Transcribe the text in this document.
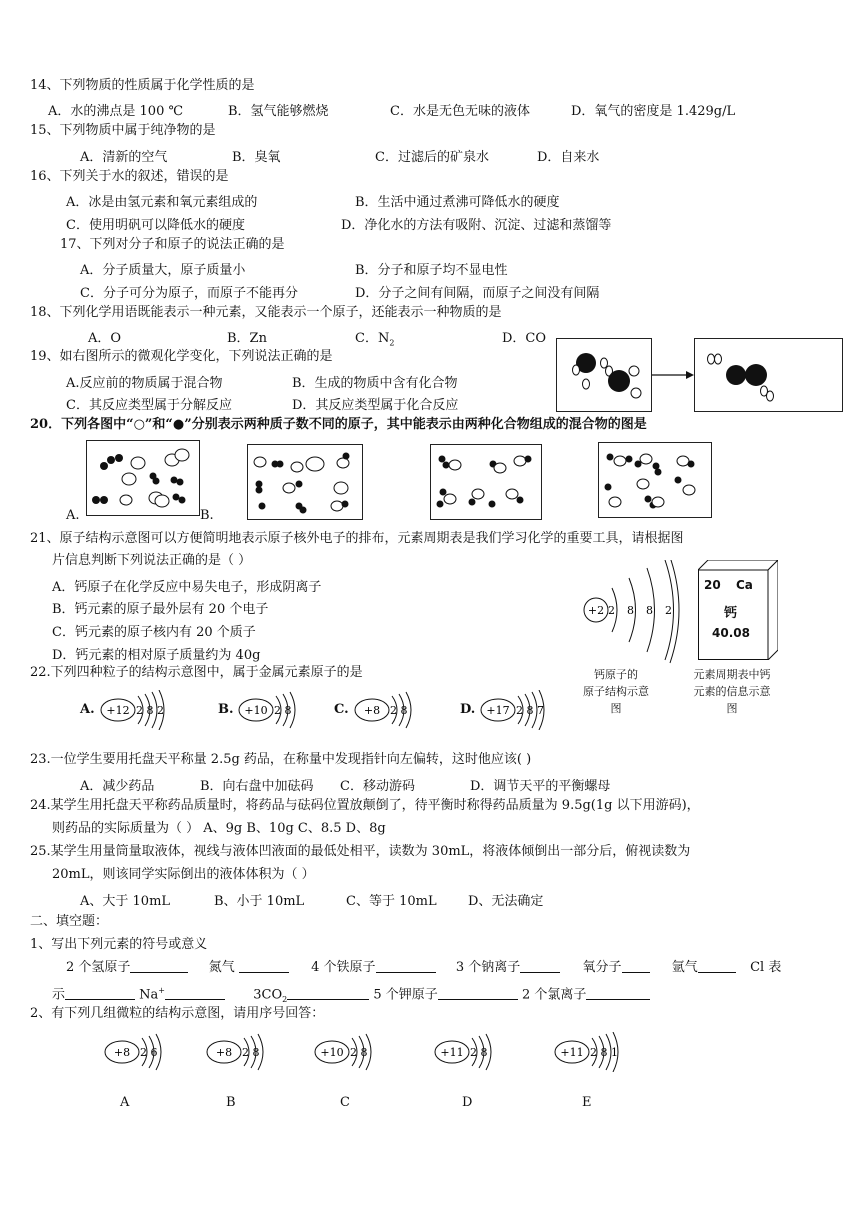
14、下列物质的性质属于化学性质的是
A．水的沸点是 100 ℃	B．氢气能够燃烧	C．水是无色无味的液体	D．氧气的密度是 1.429g/L
15、下列物质中属于纯净物的是
A．清新的空气	B．臭氧	C．过滤后的矿泉水	D．自来水
16、下列关于水的叙述，错误的是
A．冰是由氢元素和氧元素组成的	B．生活中通过煮沸可降低水的硬度
C．使用明矾可以降低水的硬度	D．净化水的方法有吸附、沉淀、过滤和蒸馏等
17、下列对分子和原子的说法正确的是
A．分子质量大，原子质量小	B．分子和原子均不显电性
C．分子可分为原子，而原子不能再分	D．分子之间有间隔，而原子之间没有间隔
18、下列化学用语既能表示一种元素，又能表示一个原子，还能表示一种物质的是
A．O	B．Zn	C．$N_2$	D．CO
19、如右图所示的微观化学变化，下列说法正确的是
A.反应前的物质属于混合物	B．生成的物质中含有化合物
C．其反应类型属于分解反应	D．其反应类型属于化合反应
20．下列各图中“○”和“●”分别表示两种质子数不同的原子，其中能表示由两种化合物组成的混合物的图是
A.	B.
21、原子结构示意图可以方便简明地表示原子核外电子的排布，元素周期表是我们学习化学的重要工具，请根据图
片信息判断下列说法正确的是（ ）
A．钙原子在化学反应中易失电子，形成阴离子
B．钙元素的原子最外层有 20 个电子
C．钙元素的原子核内有 20 个质子
D．钙元素的相对原子质量约为 40g
+2 2 8 8 2
钙原子的
原子结构示意
图
20 Ca
钙
40.08
元素周期表中钙
元素的信息示意
图
22.下列四种粒子的结构示意图中，属于金属元素原子的是
A. +12 2 8 2	B. +10 2 8	C. +8 2 8	D. +17 2 8 7
23.一位学生要用托盘天平称量 2.5g 药品，在称量中发现指针向左偏转，这时他应该( )
A．减少药品	B．向右盘中加砝码 C．移动游码	D．调节天平的平衡螺母
24.某学生用托盘天平称药品质量时，将药品与砝码位置放颠倒了，待平衡时称得药品质量为 9.5g(1g 以下用游码)，
则药品的实际质量为（ ） A、9g B、10g C、8.5 D、8g
25.某学生用量筒量取液体，视线与液体凹液面的最低处相平，读数为 30mL，将液体倾倒出一部分后，俯视读数为
20mL，则该同学实际倒出的液体体积为（ ）
A、大于 10mL	B、小于 10mL	C、等于 10mL D、无法确定
二、填空题：
1、写出下列元素的符号或意义
2 个氢原子	氮气	4 个铁原子	3 个钠离子	氧分子	氩气	Cl 表
示	Na+	$3CO_2$	5 个钾原子	2 个氯离子
2、有下列几组微粒的结构示意图，请用序号回答：
+8 2 6
A
+8 2 8
B
+10 2 8
C
+11 2 8
D
+11 2 8 1
E
